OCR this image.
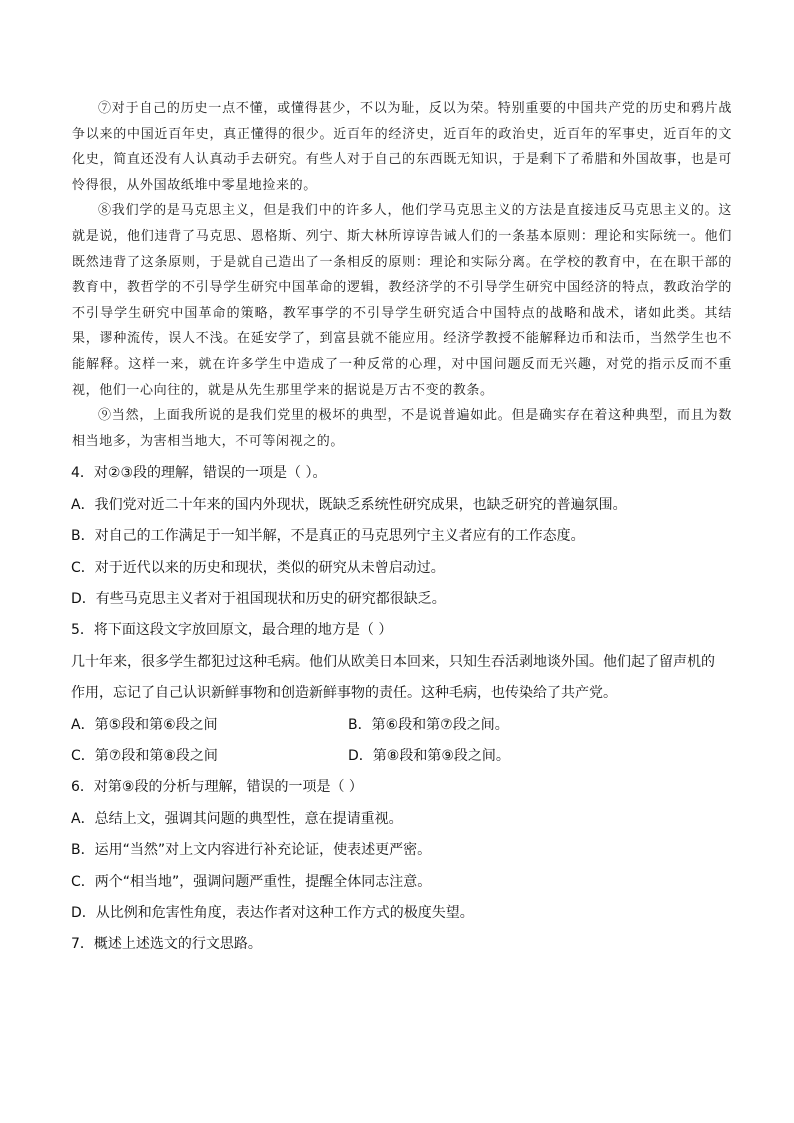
⑦对于自己的历史一点不懂，或懂得甚少，不以为耻，反以为荣。特别重要的中国共产党的历史和鸦片战争以来的中国近百年史，真正懂得的很少。近百年的经济史，近百年的政治史，近百年的军事史，近百年的文化史，简直还没有人认真动手去研究。有些人对于自己的东西既无知识，于是剩下了希腊和外国故事，也是可怜得很，从外国故纸堆中零星地捡来的。

⑧我们学的是马克思主义，但是我们中的许多人，他们学马克思主义的方法是直接违反马克思主义的。这就是说，他们违背了马克思、恩格斯、列宁、斯大林所谆谆告诫人们的一条基本原则：理论和实际统一。他们既然违背了这条原则，于是就自己造出了一条相反的原则：理论和实际分离。在学校的教育中，在在职干部的教育中，教哲学的不引导学生研究中国革命的逻辑，教经济学的不引导学生研究中国经济的特点，教政治学的不引导学生研究中国革命的策略，教军事学的不引导学生研究适合中国特点的战略和战术，诸如此类。其结果，谬种流传，误人不浅。在延安学了，到富县就不能应用。经济学教授不能解释边币和法币，当然学生也不能解释。这样一来，就在许多学生中造成了一种反常的心理，对中国问题反而无兴趣，对党的指示反而不重视，他们一心向往的，就是从先生那里学来的据说是万古不变的教条。

⑨当然，上面我所说的是我们党里的极坏的典型，不是说普遍如此。但是确实存在着这种典型，而且为数相当地多，为害相当地大，不可等闲视之的。

4．对②③段的理解，错误的一项是（ ）。
A．我们党对近二十年来的国内外现状，既缺乏系统性研究成果，也缺乏研究的普遍氛围。
B．对自己的工作满足于一知半解，不是真正的马克思列宁主义者应有的工作态度。
C．对于近代以来的历史和现状，类似的研究从未曾启动过。
D．有些马克思主义者对于祖国现状和历史的研究都很缺乏。
5．将下面这段文字放回原文，最合理的地方是（ ）
几十年来，很多学生都犯过这种毛病。他们从欧美日本回来，只知生吞活剥地谈外国。他们起了留声机的
作用，忘记了自己认识新鲜事物和创造新鲜事物的责任。这种毛病，也传染给了共产党。
A．第⑤段和第⑥段之间	B．第⑥段和第⑦段之间。
C．第⑦段和第⑧段之间	D．第⑧段和第⑨段之间。
6．对第⑨段的分析与理解，错误的一项是（ ）
A．总结上文，强调其问题的典型性，意在提请重视。
B．运用“当然”对上文内容进行补充论证，使表述更严密。
C．两个“相当地”，强调问题严重性，提醒全体同志注意。
D．从比例和危害性角度，表达作者对这种工作方式的极度失望。
7．概述上述选文的行文思路。
